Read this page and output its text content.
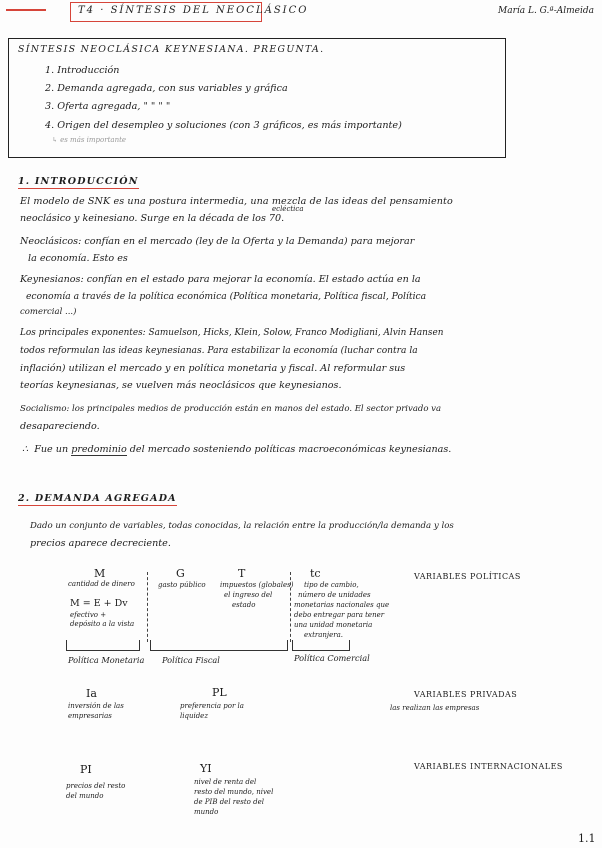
T4 · SÍNTESIS DEL NEOCLÁSICO	María L. G.ª-Almeida
SÍNTESIS NEOCLÁSICA KEYNESIANA. PREGUNTA.
1. Introducción
2. Demanda agregada, con sus variables y gráfica
3. Oferta agregada, " " " "
4. Origen del desempleo y soluciones (con 3 gráficos, es más importante)
↳ es más importante
1. INTRODUCCIÓN
ecléctica
El modelo de SNK es una postura intermedia, una mezcla de las ideas del pensamiento
neoclásico y keinesiano. Surge en la década de los 70.
Neoclásicos: confían en el mercado (ley de la Oferta y la Demanda) para mejorar
la economía. Esto es
Keynesianos: confían en el estado para mejorar la economía. El estado actúa en la
economía a través de la política económica (Política monetaria, Política fiscal, Política
comercial ...)
Los principales exponentes: Samuelson, Hicks, Klein, Solow, Franco Modigliani, Alvin Hansen
todos reformulan las ideas keynesianas. Para estabilizar la economía (luchar contra la
inflación) utilizan el mercado y en política monetaria y fiscal. Al reformular sus
teorías keynesianas, se vuelven más neoclásicos que keynesianos.
Socialismo: los principales medios de producción están en manos del estado. El sector privado va
desapareciendo.
∴ Fue un predominio del mercado sosteniendo políticas macroeconómicas keynesianas.
2. DEMANDA AGREGADA
Dado un conjunto de variables, todas conocidas, la relación entre la producción/la demanda y los
precios aparece decreciente.
M
cantidad de dinero
M = E + Dv
efectivo +
depósito a la vista
G
gasto público
T
impuestos (globales)
el ingreso del
estado
tc
tipo de cambio,
número de unidades
monetarias nacionales que
debo entregar para tener
una unidad monetaria
extranjera.
Política Monetaria Política Fiscal	Política Comercial
VARIABLES POLÍTICAS
Ia
inversión de las
empresarias
PL
preferencia por la
liquidez
VARIABLES PRIVADAS
las realizan las empresas
PI
precios del resto
del mundo
YI
nivel de renta del
resto del mundo, nivel
de PIB del resto del
mundo
VARIABLES INTERNACIONALES
1.1
